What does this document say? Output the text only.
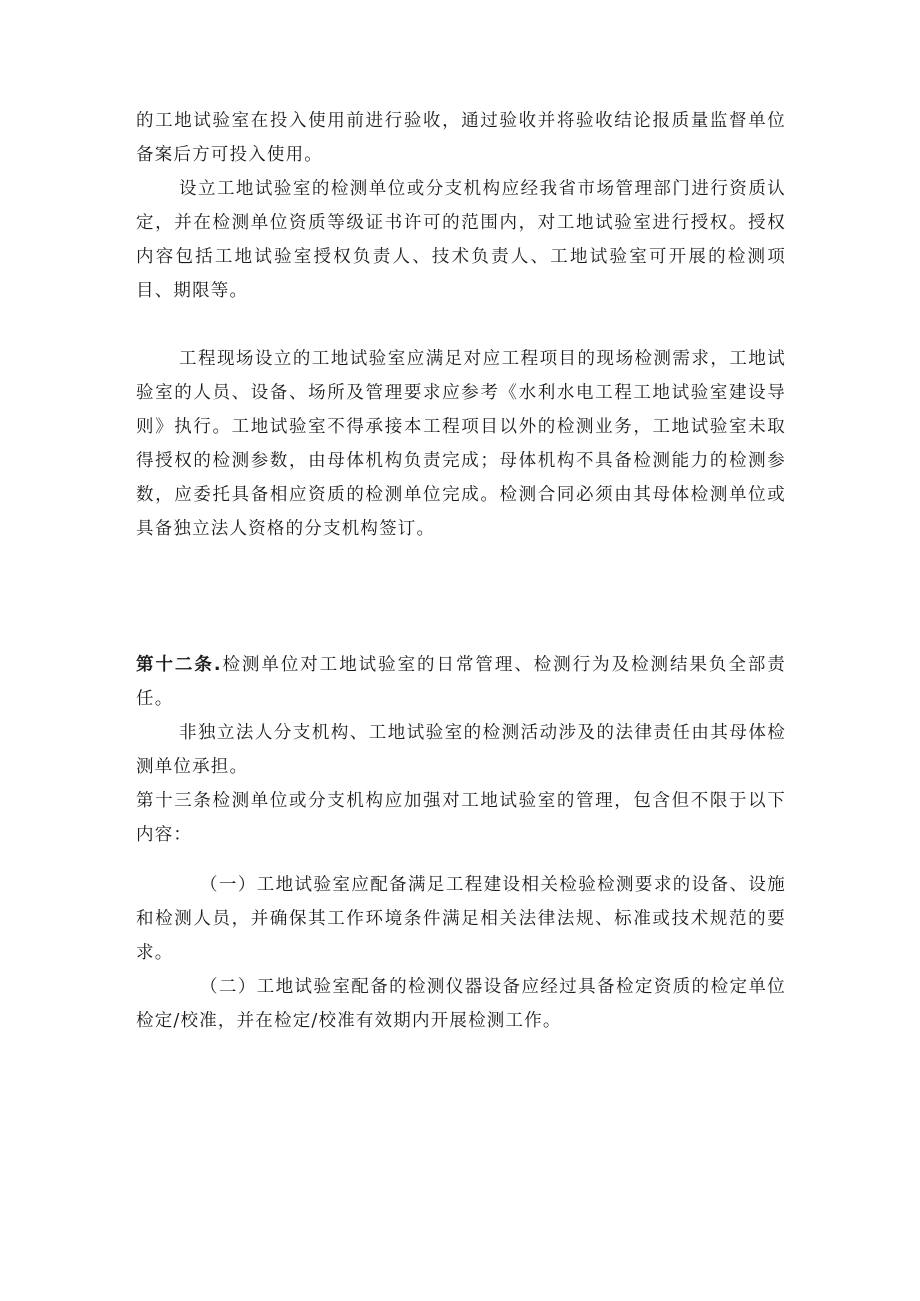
的工地试验室在投入使用前进行验收，通过验收并将验收结论报质量监督单位备案后方可投入使用。

设立工地试验室的检测单位或分支机构应经我省市场管理部门进行资质认定，并在检测单位资质等级证书许可的范围内，对工地试验室进行授权。授权内容包括工地试验室授权负责人、技术负责人、工地试验室可开展的检测项目、期限等。

工程现场设立的工地试验室应满足对应工程项目的现场检测需求，工地试验室的人员、设备、场所及管理要求应参考《水利水电工程工地试验室建设导则》执行。工地试验室不得承接本工程项目以外的检测业务，工地试验室未取得授权的检测参数，由母体机构负责完成；母体机构不具备检测能力的检测参数，应委托具备相应资质的检测单位完成。检测合同必须由其母体检测单位或具备独立法人资格的分支机构签订。

第十二条.检测单位对工地试验室的日常管理、检测行为及检测结果负全部责任。

非独立法人分支机构、工地试验室的检测活动涉及的法律责任由其母体检测单位承担。

第十三条检测单位或分支机构应加强对工地试验室的管理，包含但不限于以下内容：

（一）工地试验室应配备满足工程建设相关检验检测要求的设备、设施和检测人员，并确保其工作环境条件满足相关法律法规、标准或技术规范的要求。

（二）工地试验室配备的检测仪器设备应经过具备检定资质的检定单位检定/校准，并在检定/校准有效期内开展检测工作。
